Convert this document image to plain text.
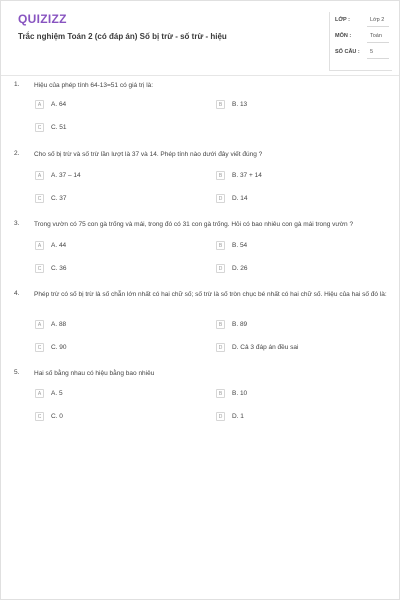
QUIZIZZ
Trắc nghiệm Toán 2 (có đáp án) Số bị trừ - số trừ - hiệu
LỚP :	Lớp 2
MÔN :	Toán
SỐ CÂU : 5
1. Hiệu của phép tính 64-13=51 có giá trị là:
A	A. 64	B	B. 13
C	C. 51
2. Cho số bị trừ và số trừ lần lượt là 37 và 14. Phép tính nào dưới đây viết đúng ?
A	A. 37 – 14	B	B. 37 + 14
C	C. 37	D	D. 14
3. Trong vườn có 75 con gà trống và mái, trong đó có 31 con gà trống. Hỏi có bao nhiêu con gà mái trong vườn ?
A	A. 44	B	B. 54
C	C. 36	D	D. 26
4. Phép trừ có số bị trừ là số chẵn lớn nhất có hai chữ số; số trừ là số tròn chục bé nhất có hai chữ số. Hiệu của hai số đó là:
A	A. 88	B	B. 89
C	C. 90	D	D. Cả 3 đáp án đều sai
5. Hai số bằng nhau có hiệu bằng bao nhiêu
A	A. 5	B	B. 10
C	C. 0	D	D. 1
